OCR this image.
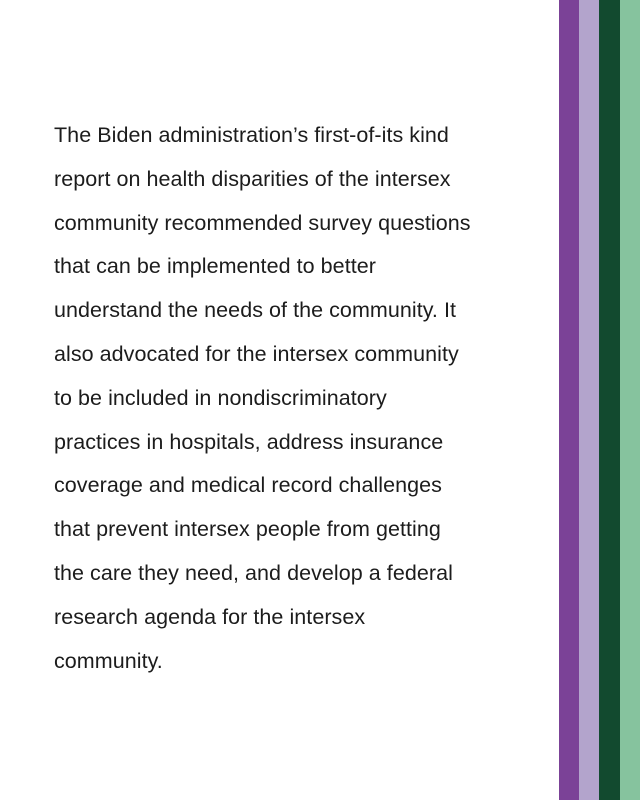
The Biden administration’s first-of-its kind
report on health disparities of the intersex
community recommended survey questions
that can be implemented to better
understand the needs of the community. It
also advocated for the intersex community
to be included in nondiscriminatory
practices in hospitals, address insurance
coverage and medical record challenges
that prevent intersex people from getting
the care they need, and develop a federal
research agenda for the intersex
community.
